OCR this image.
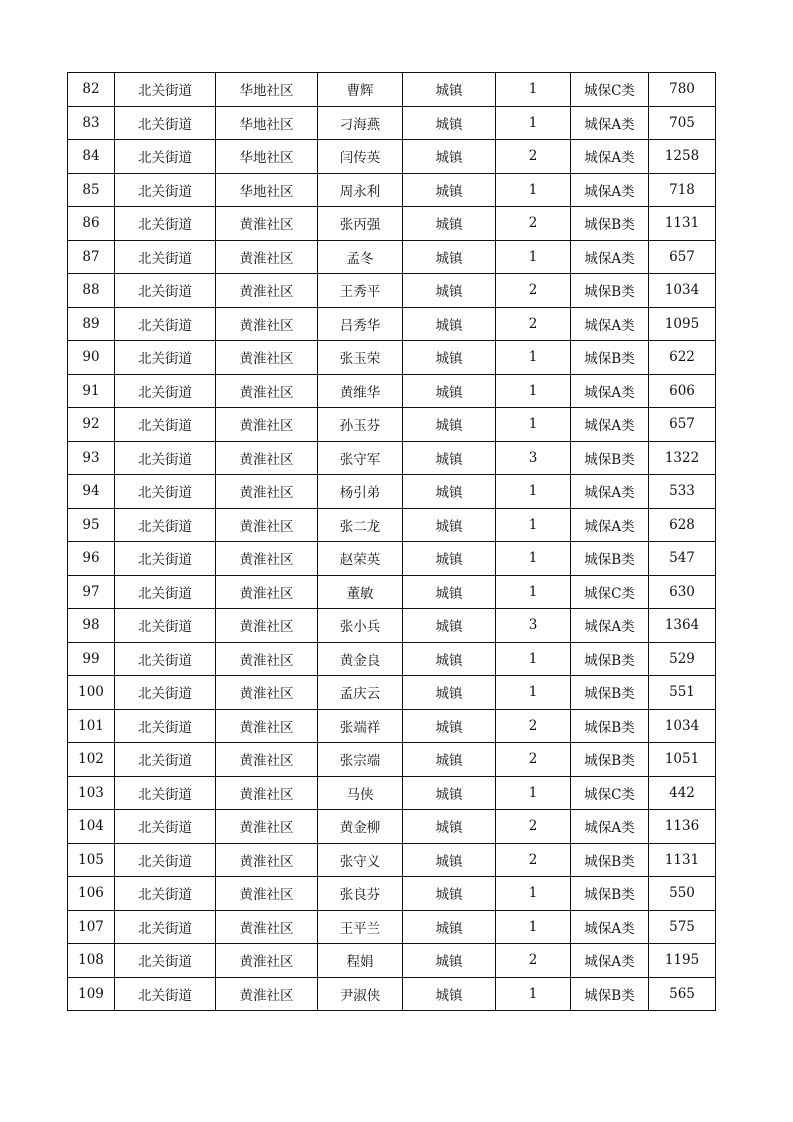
82	北关街道	华地社区	曹辉	城镇	1	城保C类	780
83	北关街道	华地社区	刁海燕	城镇	1	城保A类	705
84	北关街道	华地社区	闫传英	城镇	2	城保A类	1258
85	北关街道	华地社区	周永利	城镇	1	城保A类	718
86	北关街道	黄淮社区	张丙强	城镇	2	城保B类	1131
87	北关街道	黄淮社区	孟冬	城镇	1	城保A类	657
88	北关街道	黄淮社区	王秀平	城镇	2	城保B类	1034
89	北关街道	黄淮社区	吕秀华	城镇	2	城保A类	1095
90	北关街道	黄淮社区	张玉荣	城镇	1	城保B类	622
91	北关街道	黄淮社区	黄维华	城镇	1	城保A类	606
92	北关街道	黄淮社区	孙玉芬	城镇	1	城保A类	657
93	北关街道	黄淮社区	张守军	城镇	3	城保B类	1322
94	北关街道	黄淮社区	杨引弟	城镇	1	城保A类	533
95	北关街道	黄淮社区	张二龙	城镇	1	城保A类	628
96	北关街道	黄淮社区	赵荣英	城镇	1	城保B类	547
97	北关街道	黄淮社区	董敏	城镇	1	城保C类	630
98	北关街道	黄淮社区	张小兵	城镇	3	城保A类	1364
99	北关街道	黄淮社区	黄金良	城镇	1	城保B类	529
100	北关街道	黄淮社区	孟庆云	城镇	1	城保B类	551
101	北关街道	黄淮社区	张端祥	城镇	2	城保B类	1034
102	北关街道	黄淮社区	张宗端	城镇	2	城保B类	1051
103	北关街道	黄淮社区	马侠	城镇	1	城保C类	442
104	北关街道	黄淮社区	黄金柳	城镇	2	城保A类	1136
105	北关街道	黄淮社区	张守义	城镇	2	城保B类	1131
106	北关街道	黄淮社区	张良芬	城镇	1	城保B类	550
107	北关街道	黄淮社区	王平兰	城镇	1	城保A类	575
108	北关街道	黄淮社区	程娟	城镇	2	城保A类	1195
109	北关街道	黄淮社区	尹淑侠	城镇	1	城保B类	565
